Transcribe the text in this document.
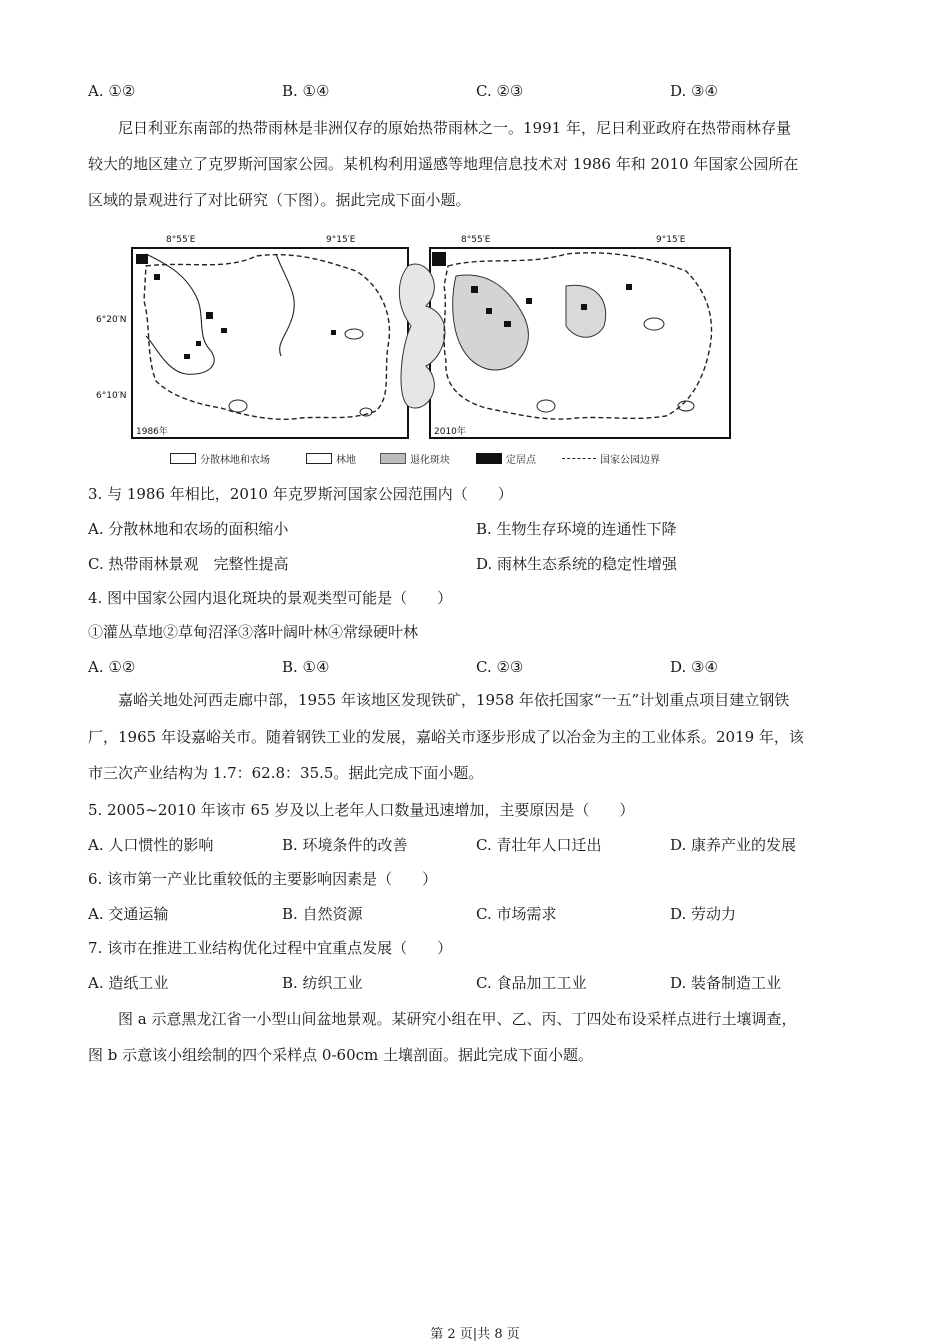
A. ①②	B. ①④	C. ②③	D. ③④
尼日利亚东南部的热带雨林是非洲仅存的原始热带雨林之一。1991 年，尼日利亚政府在热带雨林存量
较大的地区建立了克罗斯河国家公园。某机构利用遥感等地理信息技术对 1986 年和 2010 年国家公园所在
区域的景观进行了对比研究（下图）。据此完成下面小题。
8°55′E	9°15′E	8°55′E	9°15′E
6°20′N
6°10′N
1986年	2010年
分散林地和农场	林地	退化斑块	定居点	国家公园边界
3. 与 1986 年相比，2010 年克罗斯河国家公园范围内（　　）
A. 分散林地和农场的面积缩小	B. 生物生存环境的连通性下降
C. 热带雨林景观　完整性提高	D. 雨林生态系统的稳定性增强
4. 图中国家公园内退化斑块的景观类型可能是（　　）
①灌丛草地②草甸沼泽③落叶阔叶林④常绿硬叶林
A. ①②	B. ①④	C. ②③	D. ③④
嘉峪关地处河西走廊中部，1955 年该地区发现铁矿，1958 年依托国家“一五”计划重点项目建立钢铁
厂，1965 年设嘉峪关市。随着钢铁工业的发展，嘉峪关市逐步形成了以冶金为主的工业体系。2019 年，该
市三次产业结构为 1.7：62.8：35.5。据此完成下面小题。
5. 2005~2010 年该市 65 岁及以上老年人口数量迅速增加，主要原因是（　　）
A. 人口惯性的影响	B. 环境条件的改善	C. 青壮年人口迁出	D. 康养产业的发展
6. 该市第一产业比重较低的主要影响因素是（　　）
A. 交通运输	B. 自然资源	C. 市场需求	D. 劳动力
7. 该市在推进工业结构优化过程中宜重点发展（　　）
A. 造纸工业	B. 纺织工业	C. 食品加工工业	D. 装备制造工业
图 a 示意黑龙江省一小型山间盆地景观。某研究小组在甲、乙、丙、丁四处布设采样点进行土壤调查，
图 b 示意该小组绘制的四个采样点 0-60cm 土壤剖面。据此完成下面小题。
第 2 页|共 8 页
